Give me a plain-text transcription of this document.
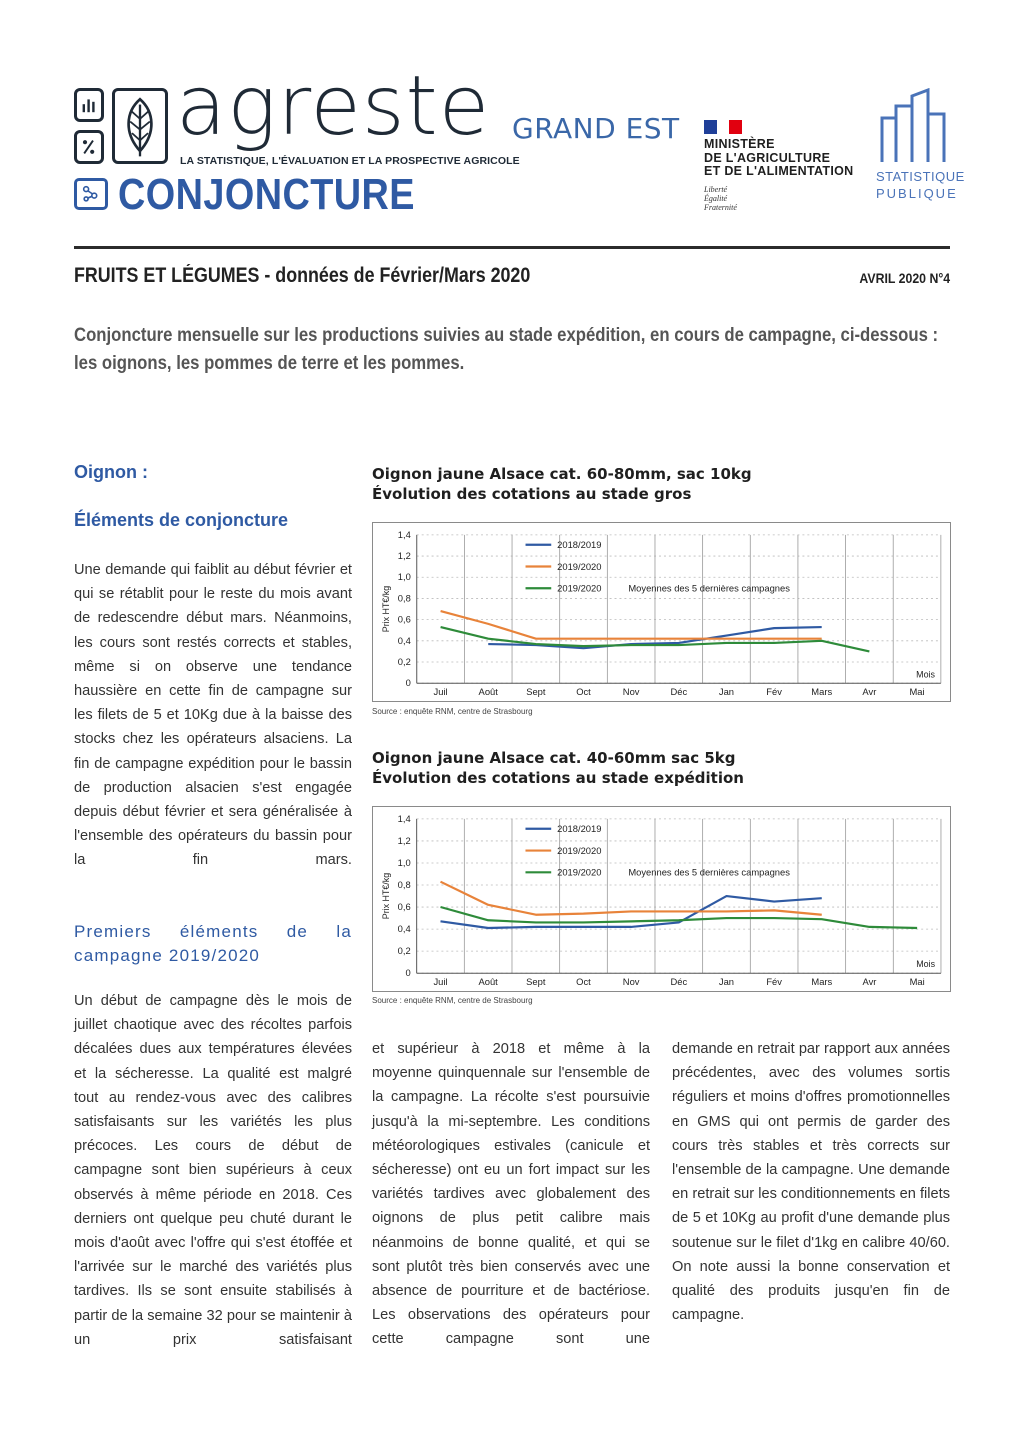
agreste
LA STATISTIQUE, L'ÉVALUATION ET LA PROSPECTIVE AGRICOLE
GRAND EST
CONJONCTURE
MINISTÈRE
DE L'AGRICULTURE
ET DE L'ALIMENTATION
Liberté
Égalité
Fraternité
STATISTIQUE
PUBLIQUE
FRUITS ET LÉGUMES - données de Février/Mars 2020	AVRIL 2020 N°4
Conjoncture mensuelle sur les productions suivies au stade expédition, en cours de campagne, ci-dessous : les oignons, les pommes de terre et les pommes.
Oignon :
Éléments de conjoncture
Une demande qui faiblit au début février et qui se rétablit pour le reste du mois avant de redescendre début mars. Néanmoins, les cours sont restés corrects et stables, même si on observe une tendance haussière en cette fin de campagne sur les filets de 5 et 10Kg due à la baisse des stocks chez les opérateurs alsaciens. La fin de campagne expédition pour le bassin de production alsacien s'est engagée depuis début février et sera généralisée à l'ensemble des opérateurs du bassin pour la fin mars.
Premiers éléments de la campagne 2019/2020
Un début de campagne dès le mois de juillet chaotique avec des récoltes parfois décalées dues aux températures élevées et la sécheresse. La qualité est malgré tout au rendez-vous avec des calibres satisfaisants sur les variétés les plus précoces. Les cours de début de campagne sont bien supérieurs à ceux observés à même période en 2018. Ces derniers ont quelque peu chuté durant le mois d'août avec l'offre qui s'est étoffée et l'arrivée sur le marché des variétés plus tardives. Ils se sont ensuite stabilisés à partir de la semaine 32 pour se maintenir à un prix satisfaisant
et supérieur à 2018 et même à la moyenne quinquennale sur l'ensemble de la campagne. La récolte s'est poursuivie jusqu'à la mi-septembre. Les conditions météorologiques estivales (canicule et sécheresse) ont eu un fort impact sur les variétés tardives avec globalement des oignons de plus petit calibre mais néanmoins de bonne qualité, et qui se sont plutôt très bien conservés avec une absence de pourriture et de bactériose. Les observations des opérateurs pour cette campagne sont une
demande en retrait par rapport aux années précédentes, avec des volumes sortis réguliers et moins d'offres promotionnelles en GMS qui ont permis de garder des cours très stables et très corrects sur l'ensemble de la campagne. Une demande en retrait sur les conditionnements en filets de 5 et 10Kg au profit d'une demande plus soutenue sur le filet d'1kg en calibre 40/60. On note aussi la bonne conservation et qualité des produits jusqu'en fin de campagne.
Oignon jaune Alsace cat. 60-80mm, sac 10kg
Évolution des cotations au stade gros
0
0,2
0,4
0,6
0,8
1,0
1,2
1,4
Juil	Août	Sept	Oct	Nov	Déc	Jan	Fév	Mars	Avr	Mai
Prix HT€/kg
Mois
2018/2019
2019/2020
2019/2020	Moyennes des 5 dernières campagnes
Source : enquête RNM, centre de Strasbourg
Oignon jaune Alsace cat. 40-60mm sac 5kg
Évolution des cotations au stade expédition
0
0,2
0,4
0,6
0,8
1,0
1,2
1,4
Juil	Août	Sept	Oct	Nov	Déc	Jan	Fév	Mars	Avr	Mai
Prix HT€/kg
Mois
2018/2019
2019/2020
2019/2020	Moyennes des 5 dernières campagnes
Source : enquête RNM, centre de Strasbourg
